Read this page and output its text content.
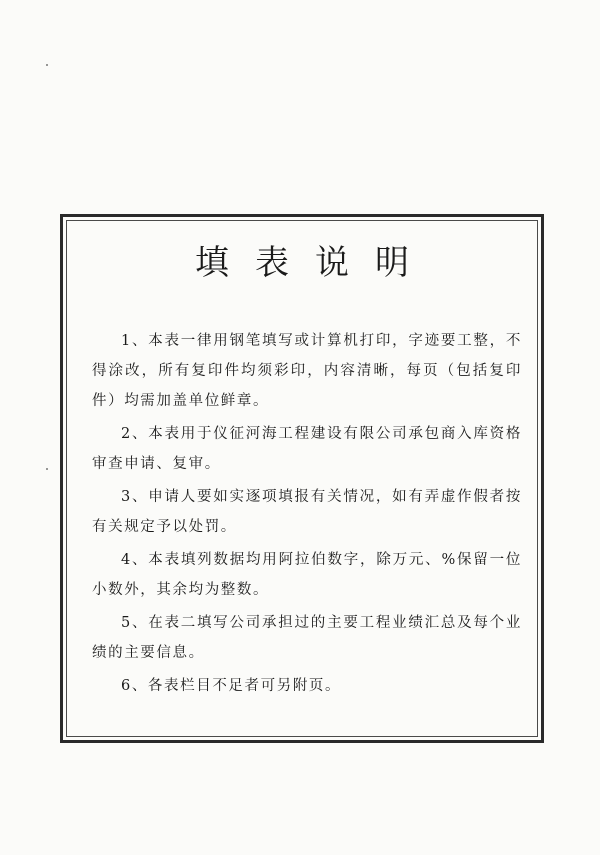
填表说明

1、本表一律用钢笔填写或计算机打印，字迹要工整，不得涂改，所有复印件均须彩印，内容清晰，每页（包括复印件）均需加盖单位鲜章。

2、本表用于仪征河海工程建设有限公司承包商入库资格审查申请、复审。

3、申请人要如实逐项填报有关情况，如有弄虚作假者按有关规定予以处罚。

4、本表填列数据均用阿拉伯数字，除万元、%保留一位小数外，其余均为整数。

5、在表二填写公司承担过的主要工程业绩汇总及每个业绩的主要信息。

6、各表栏目不足者可另附页。
